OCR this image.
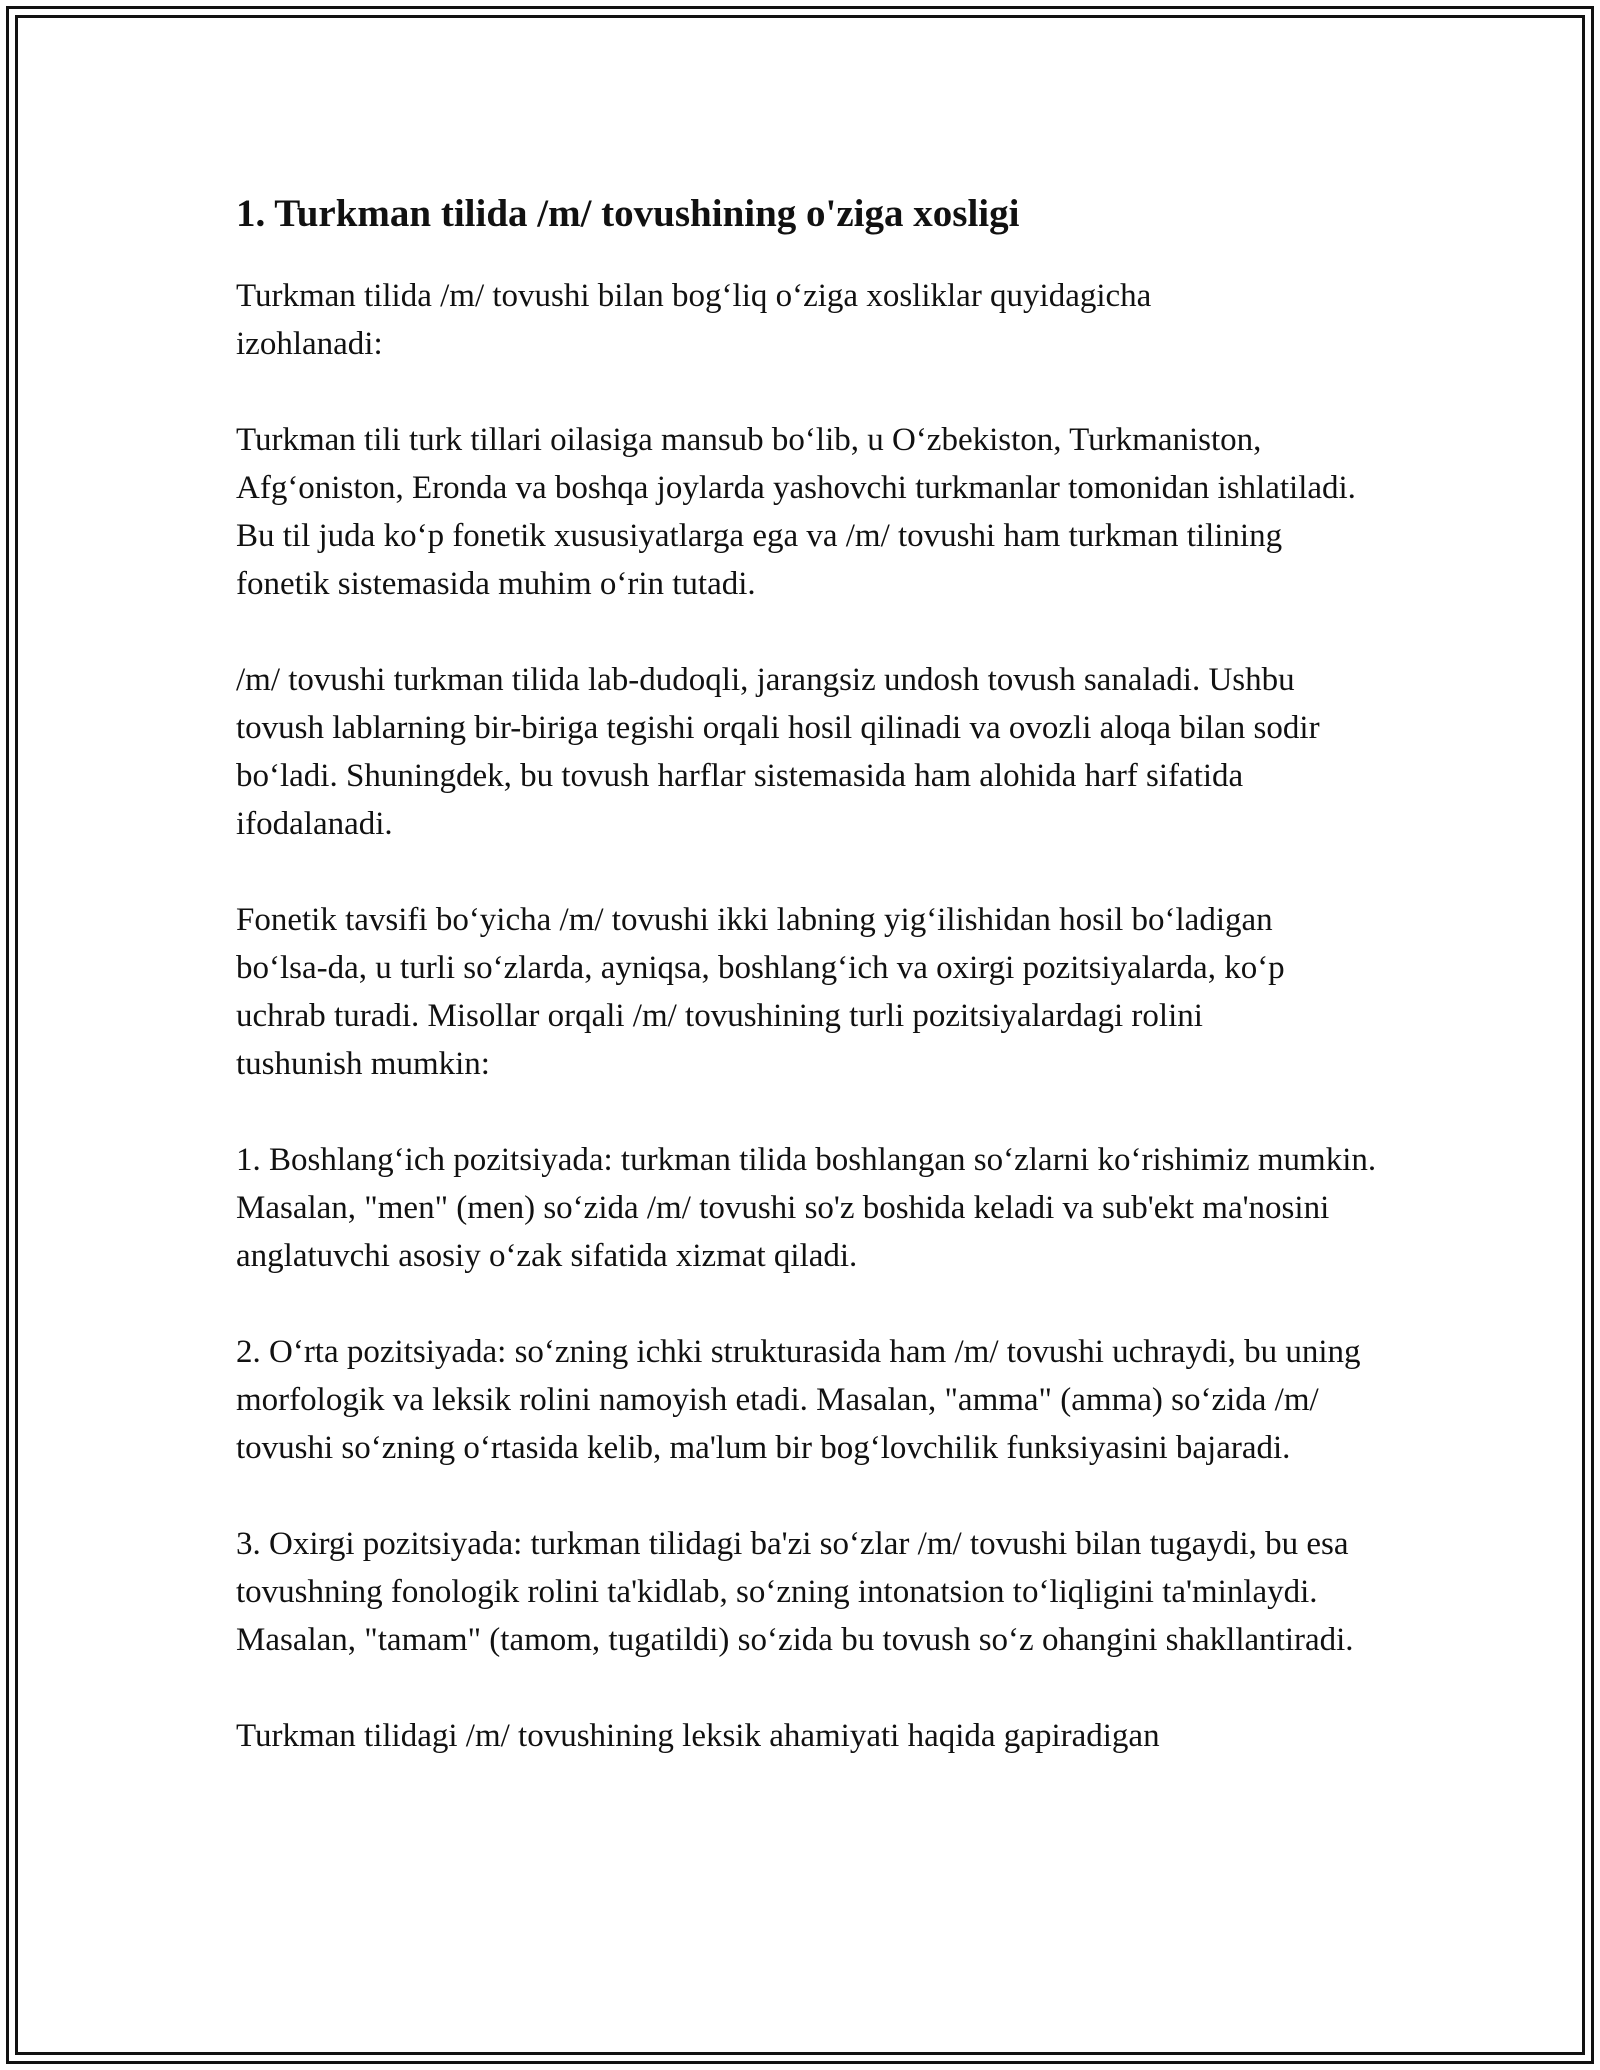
1. Turkman tilida /m/ tovushining o'ziga xosligi

Turkman tilida /m/ tovushi bilan bog‘liq o‘ziga xosliklar quyidagicha izohlanadi:

Turkman tili turk tillari oilasiga mansub bo‘lib, u O‘zbekiston, Turkmaniston, Afg‘oniston, Eronda va boshqa joylarda yashovchi turkmanlar tomonidan ishlatiladi. Bu til juda ko‘p fonetik xususiyatlarga ega va /m/ tovushi ham turkman tilining fonetik sistemasida muhim o‘rin tutadi.

/m/ tovushi turkman tilida lab-dudoqli, jarangsiz undosh tovush sanaladi. Ushbu tovush lablarning bir-biriga tegishi orqali hosil qilinadi va ovozli aloqa bilan sodir bo‘ladi. Shuningdek, bu tovush harflar sistemasida ham alohida harf sifatida ifodalanadi.

Fonetik tavsifi bo‘yicha /m/ tovushi ikki labning yig‘ilishidan hosil bo‘ladigan bo‘lsa-da, u turli so‘zlarda, ayniqsa, boshlang‘ich va oxirgi pozitsiyalarda, ko‘p uchrab turadi. Misollar orqali /m/ tovushining turli pozitsiyalardagi rolini tushunish mumkin:

1. Boshlang‘ich pozitsiyada: turkman tilida boshlangan so‘zlarni ko‘rishimiz mumkin. Masalan, "men" (men) so‘zida /m/ tovushi so'z boshida keladi va sub'ekt ma'nosini anglatuvchi asosiy o‘zak sifatida xizmat qiladi.

2. O‘rta pozitsiyada: so‘zning ichki strukturasida ham /m/ tovushi uchraydi, bu uning morfologik va leksik rolini namoyish etadi. Masalan, "amma" (amma) so‘zida /m/ tovushi so‘zning o‘rtasida kelib, ma'lum bir bog‘lovchilik funksiyasini bajaradi.

3. Oxirgi pozitsiyada: turkman tilidagi ba'zi so‘zlar /m/ tovushi bilan tugaydi, bu esa tovushning fonologik rolini ta'kidlab, so‘zning intonatsion to‘liqligini ta'minlaydi. Masalan, "tamam" (tamom, tugatildi) so‘zida bu tovush so‘z ohangini shakllantiradi.

Turkman tilidagi /m/ tovushining leksik ahamiyati haqida gapiradigan
